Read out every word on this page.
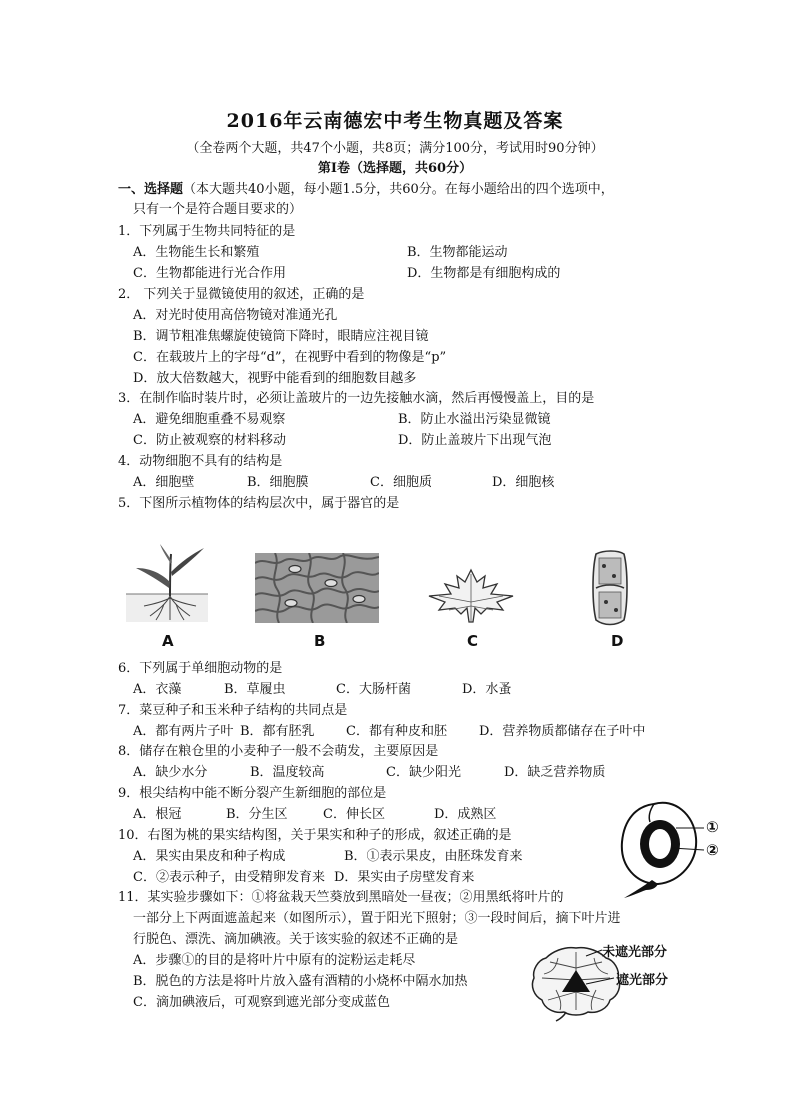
2016年云南德宏中考生物真题及答案
（全卷两个大题，共47个小题，共8页；满分100分，考试用时90分钟）
第Ⅰ卷（选择题，共60分）
一、选择题（本大题共40小题，每小题1.5分，共60分。在每小题给出的四个选项中，
只有一个是符合题目要求的）
1．下列属于生物共同特征的是
A．生物能生长和繁殖	B．生物都能运动
C．生物都能进行光合作用	D．生物都是有细胞构成的
2． 下列关于显微镜使用的叙述，正确的是
A．对光时使用高倍物镜对准通光孔
B．调节粗准焦螺旋使镜筒下降时，眼睛应注视目镜
C．在载玻片上的字母“d”，在视野中看到的物像是“p”
D．放大倍数越大，视野中能看到的细胞数目越多
3．在制作临时装片时，必须让盖玻片的一边先接触水滴，然后再慢慢盖上，目的是
A．避免细胞重叠不易观察	B．防止水溢出污染显微镜
C．防止被观察的材料移动	D．防止盖玻片下出现气泡
4．动物细胞不具有的结构是
A．细胞壁	B．细胞膜	C．细胞质	D．细胞核
5．下图所示植物体的结构层次中，属于器官的是
A	B	C	D
6．下列属于单细胞动物的是
A．衣藻	B．草履虫	C．大肠杆菌	D．水蚤
7．菜豆种子和玉米种子结构的共同点是
A．都有两片子叶 B．都有胚乳 C．都有种皮和胚 D．营养物质都储存在子叶中
8．储存在粮仓里的小麦种子一般不会萌发，主要原因是
A．缺少水分	B．温度较高	C．缺少阳光	D．缺乏营养物质
9．根尖结构中能不断分裂产生新细胞的部位是
A．根冠	B．分生区	C．伸长区	D．成熟区
10．右图为桃的果实结构图，关于果实和种子的形成，叙述正确的是
A．果实由果皮和种子构成	B．①表示果皮，由胚珠发育来
C．②表示种子，由受精卵发育来 D．果实由子房壁发育来
①
②
11．某实验步骤如下：①将盆栽天竺葵放到黑暗处一昼夜；②用黑纸将叶片的
一部分上下两面遮盖起来（如图所示），置于阳光下照射；③一段时间后，摘下叶片进
行脱色、漂洗、滴加碘液。关于该实验的叙述不正确的是
A．步骤①的目的是将叶片中原有的淀粉运走耗尽
B．脱色的方法是将叶片放入盛有酒精的小烧杯中隔水加热
C．滴加碘液后，可观察到遮光部分变成蓝色
未遮光部分
遮光部分
